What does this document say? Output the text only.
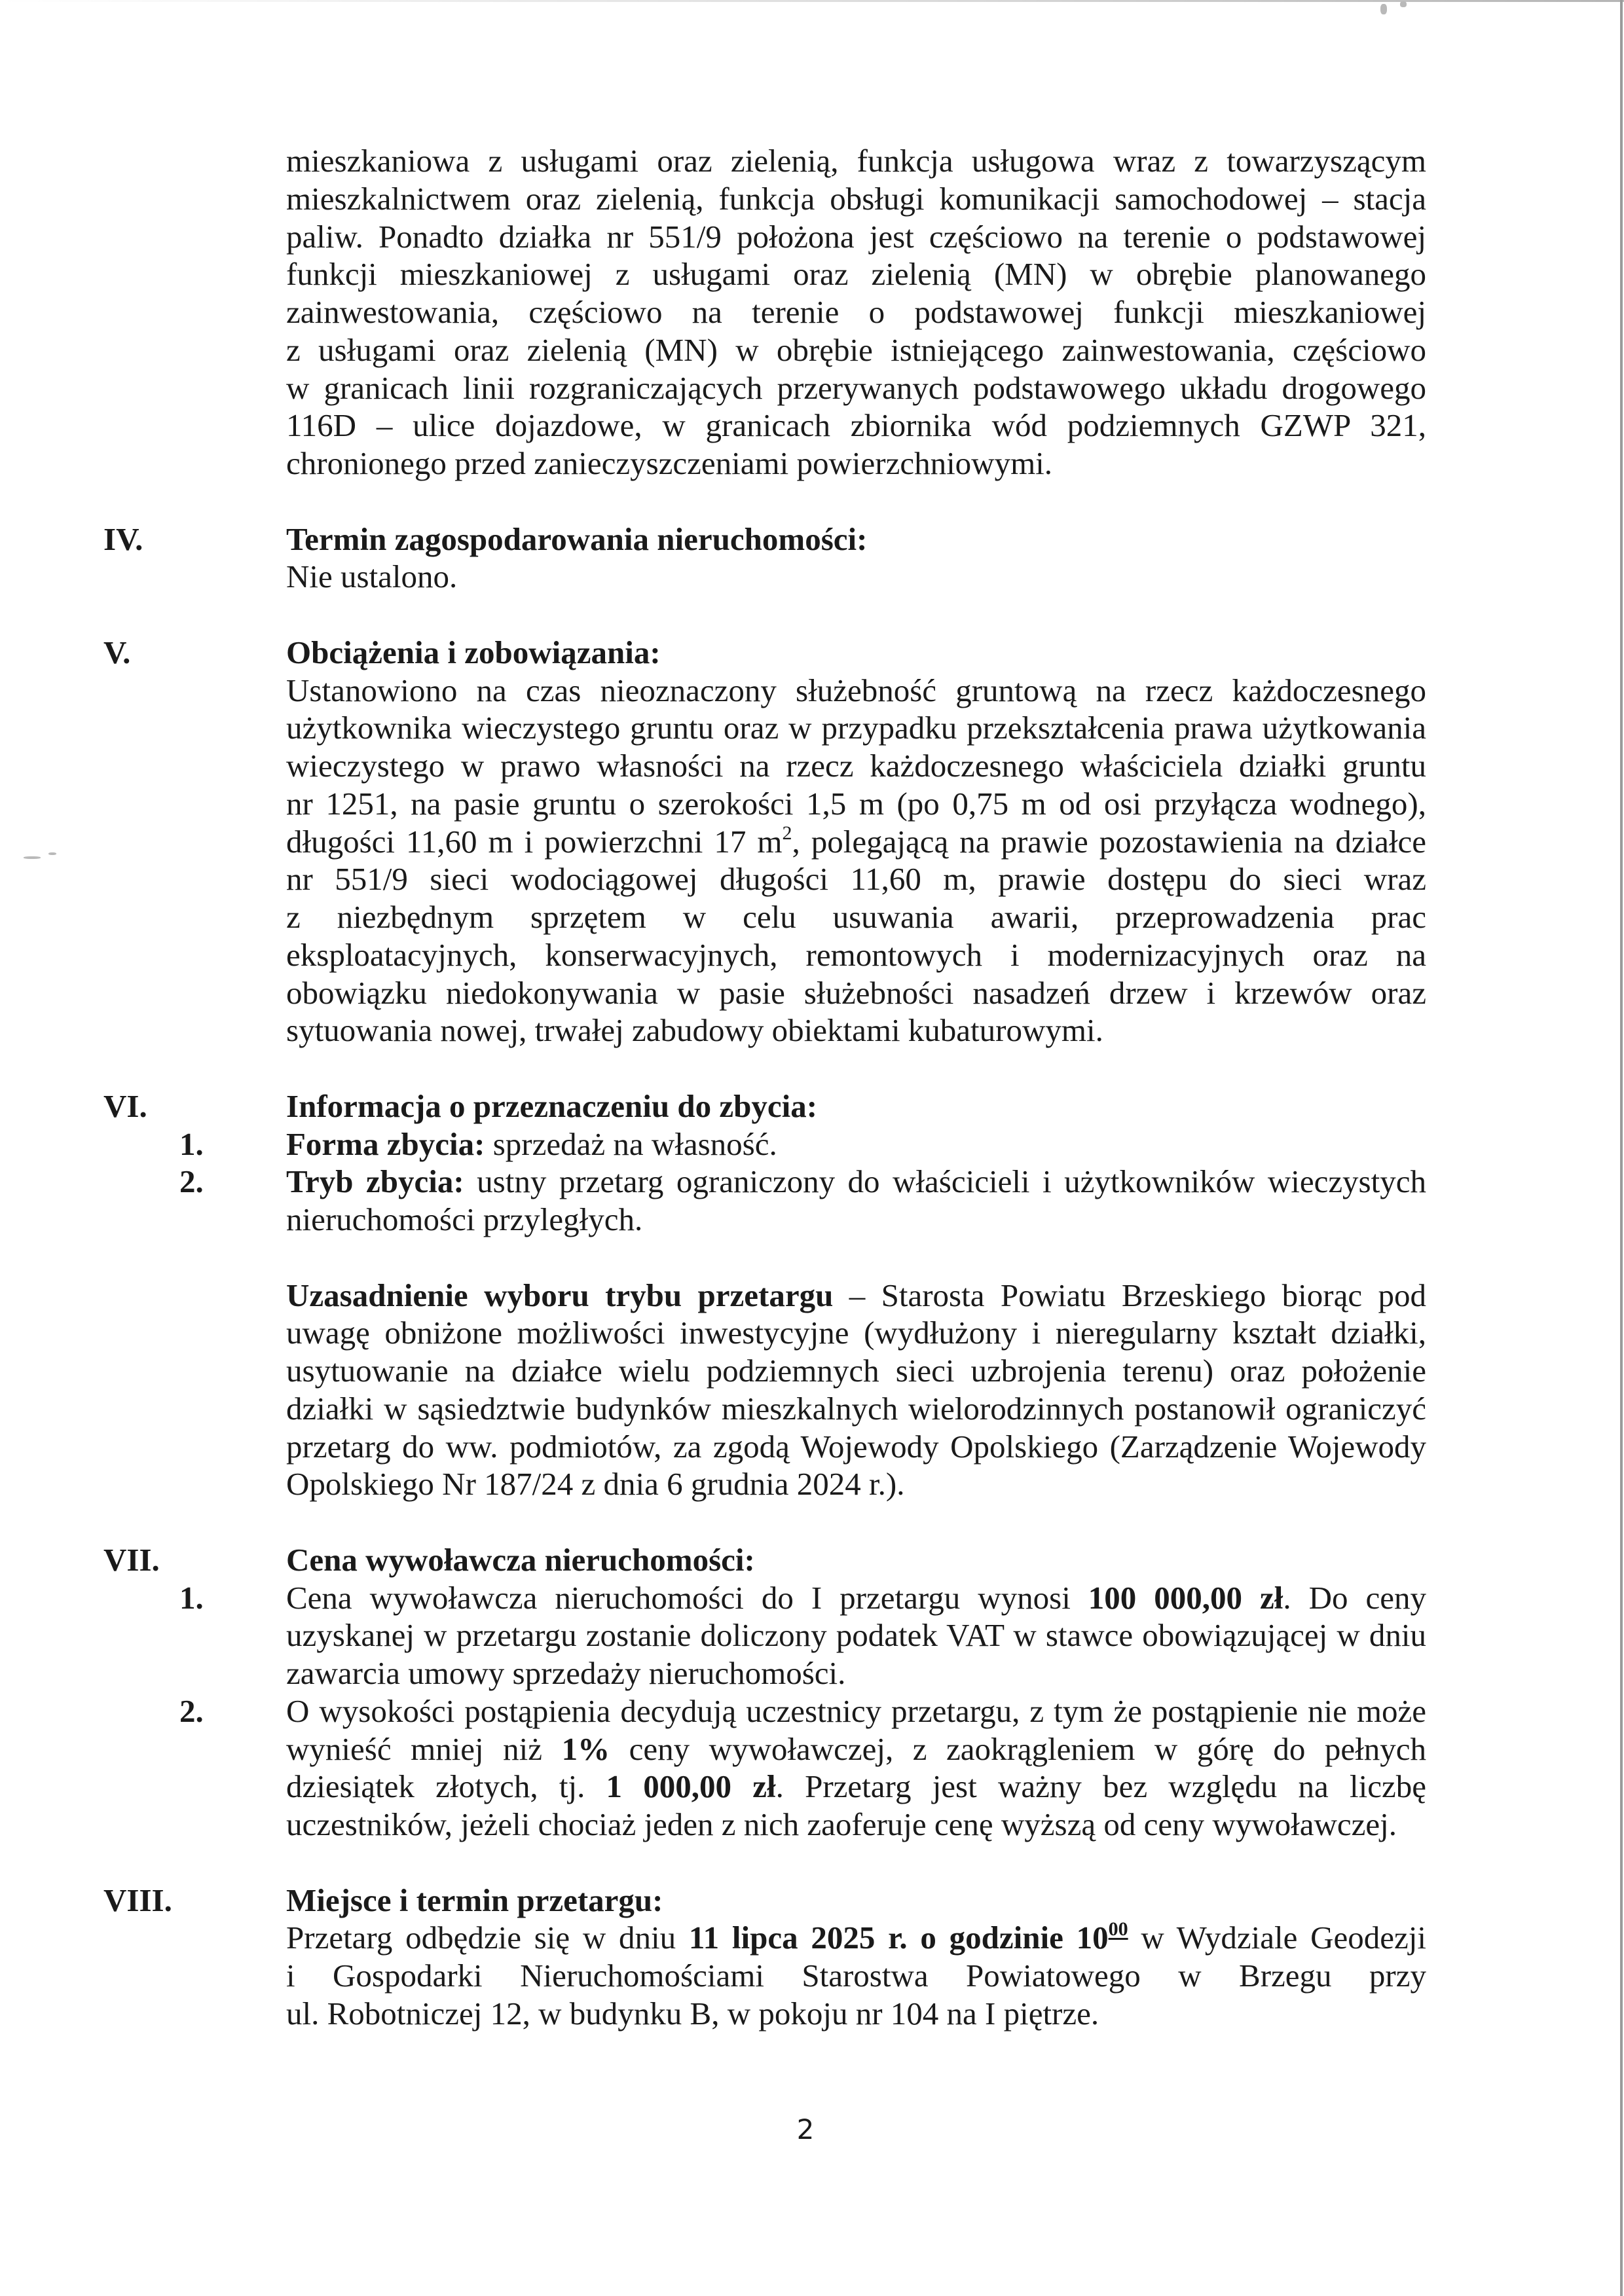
mieszkaniowa z usługami oraz zielenią, funkcja usługowa wraz z towarzyszącym
mieszkalnictwem oraz zielenią, funkcja obsługi komunikacji samochodowej – stacja
paliw. Ponadto działka nr 551/9 położona jest częściowo na terenie o podstawowej
funkcji mieszkaniowej z usługami oraz zielenią (MN) w obrębie planowanego
zainwestowania, częściowo na terenie o podstawowej funkcji mieszkaniowej
z usługami oraz zielenią (MN) w obrębie istniejącego zainwestowania, częściowo
w granicach linii rozgraniczających przerywanych podstawowego układu drogowego
116D – ulice dojazdowe, w granicach zbiornika wód podziemnych GZWP 321,
chronionego przed zanieczyszczeniami powierzchniowymi.
IV.	Termin zagospodarowania nieruchomości:
Nie ustalono.
V.	Obciążenia i zobowiązania:
Ustanowiono na czas nieoznaczony służebność gruntową na rzecz każdoczesnego
użytkownika wieczystego gruntu oraz w przypadku przekształcenia prawa użytkowania
wieczystego w prawo własności na rzecz każdoczesnego właściciela działki gruntu
nr 1251, na pasie gruntu o szerokości 1,5 m (po 0,75 m od osi przyłącza wodnego),
długości 11,60 m i powierzchni 17 $m^2$, polegającą na prawie pozostawienia na działce
nr 551/9 sieci wodociągowej długości 11,60 m, prawie dostępu do sieci wraz
z niezbędnym sprzętem w celu usuwania awarii, przeprowadzenia prac
eksploatacyjnych, konserwacyjnych, remontowych i modernizacyjnych oraz na
obowiązku niedokonywania w pasie służebności nasadzeń drzew i krzewów oraz
sytuowania nowej, trwałej zabudowy obiektami kubaturowymi.
VI.	Informacja o przeznaczeniu do zbycia:
1.	Forma zbycia: sprzedaż na własność.
2.	Tryb zbycia: ustny przetarg ograniczony do właścicieli i użytkowników wieczystych
nieruchomości przyległych.
Uzasadnienie wyboru trybu przetargu – Starosta Powiatu Brzeskiego biorąc pod
uwagę obniżone możliwości inwestycyjne (wydłużony i nieregularny kształt działki,
usytuowanie na działce wielu podziemnych sieci uzbrojenia terenu) oraz położenie
działki w sąsiedztwie budynków mieszkalnych wielorodzinnych postanowił ograniczyć
przetarg do ww. podmiotów, za zgodą Wojewody Opolskiego (Zarządzenie Wojewody
Opolskiego Nr 187/24 z dnia 6 grudnia 2024 r.).
VII.	Cena wywoławcza nieruchomości:
1.	Cena wywoławcza nieruchomości do I przetargu wynosi 100 000,00 zł. Do ceny
uzyskanej w przetargu zostanie doliczony podatek VAT w stawce obowiązującej w dniu
zawarcia umowy sprzedaży nieruchomości.
2.	O wysokości postąpienia decydują uczestnicy przetargu, z tym że postąpienie nie może
wynieść mniej niż 1% ceny wywoławczej, z zaokrągleniem w górę do pełnych
dziesiątek złotych, tj. 1 000,00 zł. Przetarg jest ważny bez względu na liczbę
uczestników, jeżeli chociaż jeden z nich zaoferuje cenę wyższą od ceny wywoławczej.
VIII.	Miejsce i termin przetargu:
Przetarg odbędzie się w dniu 11 lipca 2025 r. o godzinie $10^{00}$ w Wydziale Geodezji
i Gospodarki Nieruchomościami Starostwa Powiatowego w Brzegu przy
ul. Robotniczej 12, w budynku B, w pokoju nr 104 na I piętrze.
2
